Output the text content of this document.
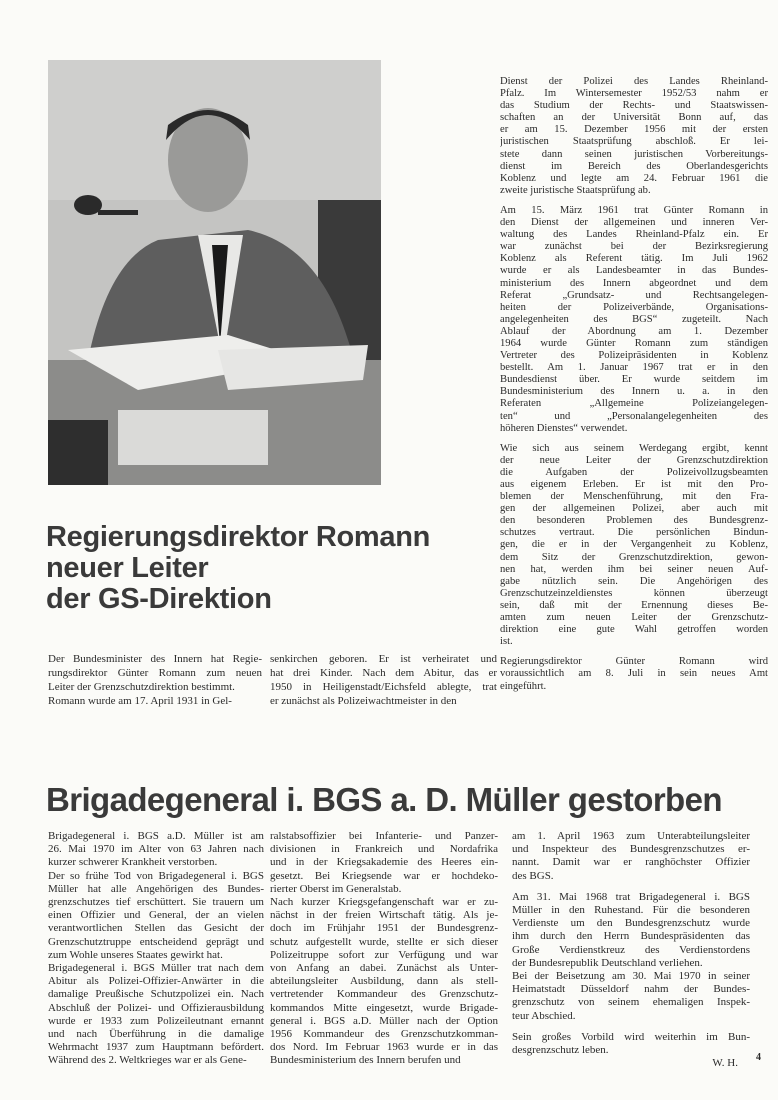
Regierungsdirektor Romann
neuer Leiter
der GS-Direktion
Der Bundesminister des Innern hat Regie-
rungsdirektor Günter Romann zum neuen
Leiter der Grenzschutzdirektion bestimmt.
Romann wurde am 17. April 1931 in Gel-
senkirchen geboren. Er ist verheiratet und
hat drei Kinder. Nach dem Abitur, das er
1950 in Heiligenstadt/Eichsfeld ablegte, trat
er zunächst als Polizeiwachtmeister in den
Dienst der Polizei des Landes Rheinland-
Pfalz. Im Wintersemester 1952/53 nahm er
das Studium der Rechts- und Staatswissen-
schaften an der Universität Bonn auf, das
er am 15. Dezember 1956 mit der ersten
juristischen Staatsprüfung abschloß. Er lei-
stete dann seinen juristischen Vorbereitungs-
dienst im Bereich des Oberlandesgerichts
Koblenz und legte am 24. Februar 1961 die
zweite juristische Staatsprüfung ab.
Am 15. März 1961 trat Günter Romann in
den Dienst der allgemeinen und inneren Ver-
waltung des Landes Rheinland-Pfalz ein. Er
war zunächst bei der Bezirksregierung
Koblenz als Referent tätig. Im Juli 1962
wurde er als Landesbeamter in das Bundes-
ministerium des Innern abgeordnet und dem
Referat „Grundsatz- und Rechtsangelegen-
heiten der Polizeiverbände, Organisations-
angelegenheiten des BGS“ zugeteilt. Nach
Ablauf der Abordnung am 1. Dezember
1964 wurde Günter Romann zum ständigen
Vertreter des Polizeipräsidenten in Koblenz
bestellt. Am 1. Januar 1967 trat er in den
Bundesdienst über. Er wurde seitdem im
Bundesministerium des Innern u. a. in den
Referaten „Allgemeine Polizeiangelegen-
ten“ und „Personalangelegenheiten des
höheren Dienstes“ verwendet.
Wie sich aus seinem Werdegang ergibt, kennt
der neue Leiter der Grenzschutzdirektion
die Aufgaben der Polizeivollzugsbeamten
aus eigenem Erleben. Er ist mit den Pro-
blemen der Menschenführung, mit den Fra-
gen der allgemeinen Polizei, aber auch mit
den besonderen Problemen des Bundesgrenz-
schutzes vertraut. Die persönlichen Bindun-
gen, die er in der Vergangenheit zu Koblenz,
dem Sitz der Grenzschutzdirektion, gewon-
nen hat, werden ihm bei seiner neuen Auf-
gabe nützlich sein. Die Angehörigen des
Grenzschutzeinzeldienstes können überzeugt
sein, daß mit der Ernennung dieses Be-
amten zum neuen Leiter der Grenzschutz-
direktion eine gute Wahl getroffen worden
ist.
Regierungsdirektor Günter Romann wird
voraussichtlich am 8. Juli in sein neues Amt
eingeführt.
Brigadegeneral i. BGS a. D. Müller gestorben
Brigadegeneral i. BGS a.D. Müller ist am
26. Mai 1970 im Alter von 63 Jahren nach
kurzer schwerer Krankheit verstorben.
Der so frühe Tod von Brigadegeneral i. BGS
Müller hat alle Angehörigen des Bundes-
grenzschutzes tief erschüttert. Sie trauern um
einen Offizier und General, der an vielen
verantwortlichen Stellen das Gesicht der
Grenzschutztruppe entscheidend geprägt und
zum Wohle unseres Staates gewirkt hat.
Brigadegeneral i. BGS Müller trat nach dem
Abitur als Polizei-Offizier-Anwärter in die
damalige Preußische Schutzpolizei ein. Nach
Abschluß der Polizei- und Offizierausbildung
wurde er 1933 zum Polizeileutnant ernannt
und nach Überführung in die damalige
Wehrmacht 1937 zum Hauptmann befördert.
Während des 2. Weltkrieges war er als Gene-
ralstabsoffizier bei Infanterie- und Panzer-
divisionen in Frankreich und Nordafrika
und in der Kriegsakademie des Heeres ein-
gesetzt. Bei Kriegsende war er hochdeko-
rierter Oberst im Generalstab.
Nach kurzer Kriegsgefangenschaft war er zu-
nächst in der freien Wirtschaft tätig. Als je-
doch im Frühjahr 1951 der Bundesgrenz-
schutz aufgestellt wurde, stellte er sich dieser
Polizeitruppe sofort zur Verfügung und war
von Anfang an dabei. Zunächst als Unter-
abteilungsleiter Ausbildung, dann als stell-
vertretender Kommandeur des Grenzschutz-
kommandos Mitte eingesetzt, wurde Brigade-
general i. BGS a.D. Müller nach der Option
1956 Kommandeur des Grenzschutzkomman-
dos Nord. Im Februar 1963 wurde er in das
Bundesministerium des Innern berufen und
am 1. April 1963 zum Unterabteilungsleiter
und Inspekteur des Bundesgrenzschutzes er-
nannt. Damit war er ranghöchster Offizier
des BGS.
Am 31. Mai 1968 trat Brigadegeneral i. BGS
Müller in den Ruhestand. Für die besonderen
Verdienste um den Bundesgrenzschutz wurde
ihm durch den Herrn Bundespräsidenten das
Große Verdienstkreuz des Verdienstordens
der Bundesrepublik Deutschland verliehen.
Bei der Beisetzung am 30. Mai 1970 in seiner
Heimatstadt Düsseldorf nahm der Bundes-
grenzschutz von seinem ehemaligen Inspek-
teur Abschied.
Sein großes Vorbild wird weiterhin im Bun-
desgrenzschutz leben.
W. H.	4
